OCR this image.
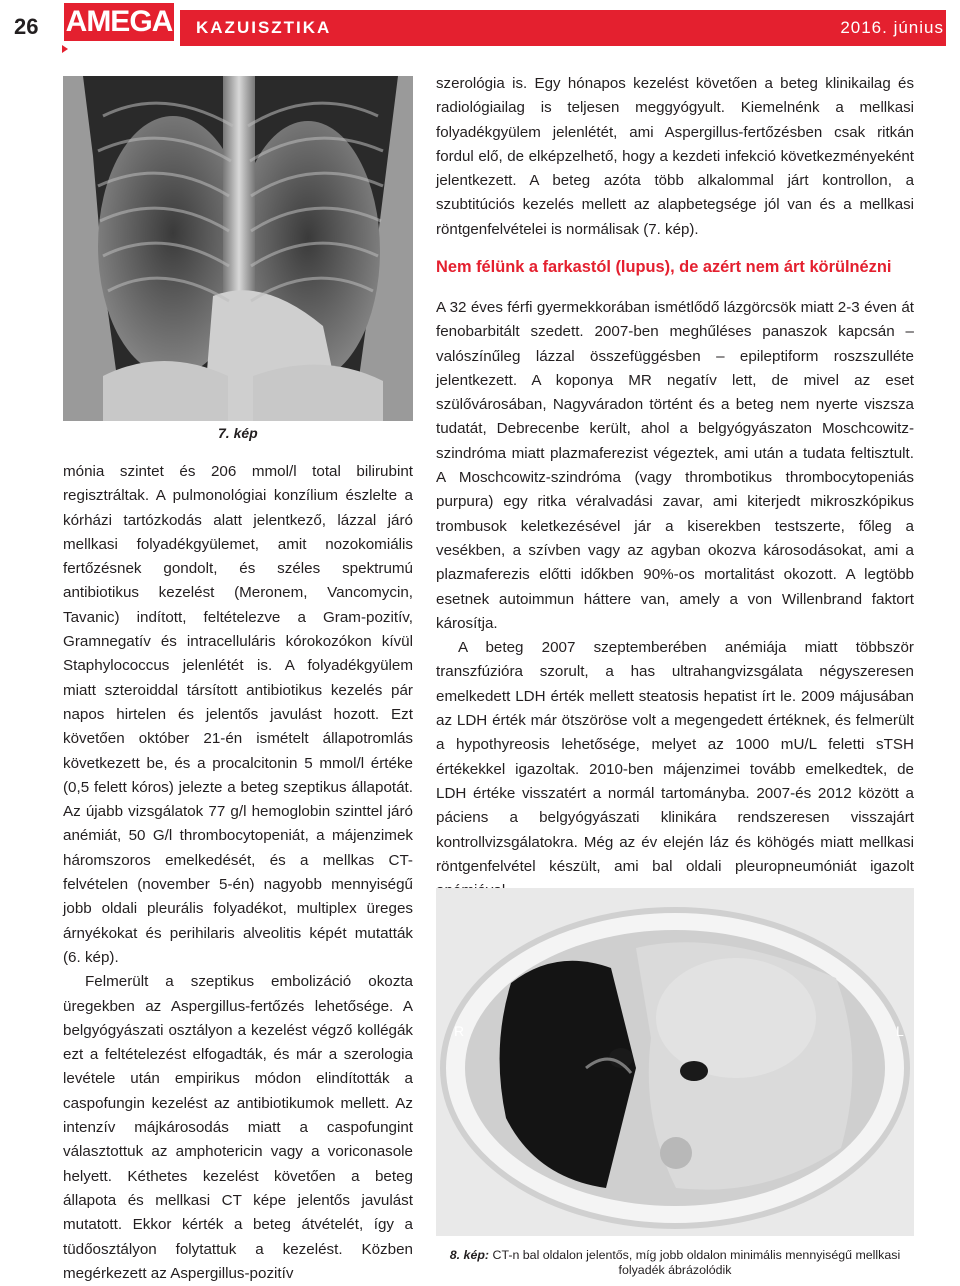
26 AMEGA KAZUISZTIKA	2016. június
7. kép

mónia szintet és 206 mmol/l total bilirubint regisztráltak. A pulmonológiai konzílium észlelte a kórházi tartózkodás alatt jelentkező, lázzal járó mellkasi folyadékgyülemet, amit nozokomiális fertőzésnek gondolt, és széles spektrumú antibiotikus kezelést (Meronem, Vancomycin, Tavanic) indított, feltételezve a Gram-pozitív, Gramnegatív és intracelluláris kórokozókon kívül Staphylococcus jelenlétét is. A folyadékgyülem miatt szteroiddal társított antibiotikus kezelés pár napos hirtelen és jelentős javulást hozott. Ezt követően október 21-én ismételt állapotromlás következett be, és a procalcitonin 5 mmol/l értéke (0,5 felett kóros) jelezte a beteg szeptikus állapotát. Az újabb vizsgálatok 77 g/l hemoglobin szinttel járó anémiát, 50 G/l thrombocytopeniát, a májenzimek háromszoros emelkedését, és a mellkas CT-felvételen (november 5-én) nagyobb mennyiségű jobb oldali pleurális folyadékot, multiplex üreges árnyékokat és perihilaris alveolitis képét mutatták (6. kép).

Felmerült a szeptikus embolizáció okozta üregekben az Aspergillus-fertőzés lehetősége. A belgyógyászati osztályon a kezelést végző kollégák ezt a feltételezést elfogadták, és már a szerologia levétele után empirikus módon elindították a caspofungin kezelést az antibiotikumok mellett. Az intenzív májkárosodás miatt a caspofungint választottuk az amphotericin vagy a voriconasole helyett. Kéthetes kezelést követően a beteg állapota és mellkasi CT képe jelentős javulást mutatott. Ekkor kérték a beteg átvételét, így a tüdőosztályon folytattuk a kezelést. Közben megérkezett az Aspergillus-pozitív

szerológia is. Egy hónapos kezelést követően a beteg klinikailag és radiológiailag is teljesen meggyógyult. Kiemelnénk a mellkasi folyadékgyülem jelenlétét, ami Aspergillus-fertőzésben csak ritkán fordul elő, de elképzelhető, hogy a kezdeti infekció következményeként jelentkezett. A beteg azóta több alkalommal járt kontrollon, a szubtitúciós kezelés mellett az alapbetegsége jól van és a mellkasi röntgenfelvételei is normálisak (7. kép).
Nem félünk a farkastól (lupus), de azért nem árt körülnézni

A 32 éves férfi gyermekkorában ismétlődő lázgörcsök miatt 2-3 éven át fenobarbitált szedett. 2007-ben meghűléses panaszok kapcsán – valószínűleg lázzal összefüggésben – epileptiform roszszulléte jelentkezett. A koponya MR negatív lett, de mivel az eset szülővárosában, Nagyváradon történt és a beteg nem nyerte viszsza tudatát, Debrecenbe került, ahol a belgyógyászaton Moschcowitz-szindróma miatt plazmaferezist végeztek, ami után a tudata feltisztult. A Moschcowitz-szindróma (vagy thrombotikus thrombocytopeniás purpura) egy ritka véralvadási zavar, ami kiterjedt mikroszkópikus trombusok keletkezésével jár a kiserekben testszerte, főleg a vesékben, a szívben vagy az agyban okozva károsodásokat, ami a plazmaferezis előtti időkben 90%-os mortalitást okozott. A legtöbb esetnek autoimmun háttere van, amely a von Willenbrand faktort károsítja.

A beteg 2007 szeptemberében anémiája miatt többször transzfúzióra szorult, a has ultrahangvizsgálata négyszeresen emelkedett LDH érték mellett steatosis hepatist írt le. 2009 májusában az LDH érték már ötszöröse volt a megengedett értéknek, és felmerült a hypothyreosis lehetősége, melyet az 1000 mU/L feletti sTSH értékekkel igazoltak. 2010-ben májenzimei tovább emelkedtek, de LDH értéke visszatért a normál tartományba. 2007-és 2012 között a páciens a belgyógyászati klinikára rendszeresen visszajárt kontrollvizsgálatokra. Még az év elején láz és köhögés miatt mellkasi röntgenfelvétel készült, ami bal oldali pleuropneumóniát igazolt

R	L
8. kép: CT-n bal oldalon jelentős, míg jobb oldalon minimális mennyiségű mellkasi folyadék ábrázolódik
